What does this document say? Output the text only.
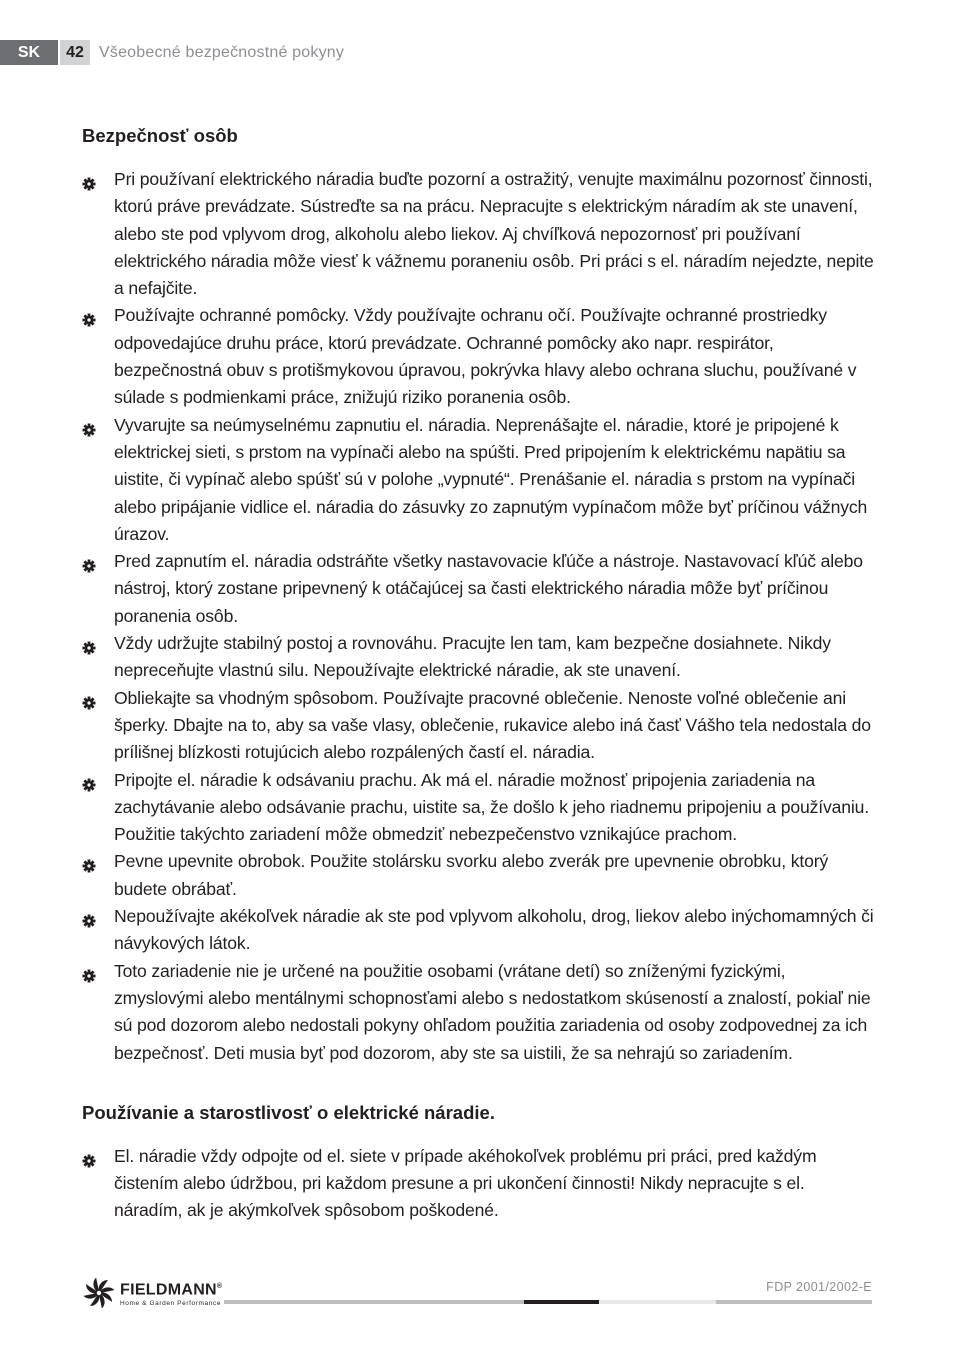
SK	42 Všeobecné bezpečnostné pokyny
Bezpečnosť osôb
Pri používaní elektrického náradia buďte pozorní a ostražitý, venujte maximálnu pozornosť činnosti, ktorú práve prevádzate. Sústreďte sa na prácu. Nepracujte s elektrickým náradím ak ste unavení, alebo ste pod vplyvom drog, alkoholu alebo liekov. Aj chvíľková nepozornosť pri používaní elektrického náradia môže viesť k vážnemu poraneniu osôb. Pri práci s el. náradím nejedzte, nepite a nefajčite.
Používajte ochranné pomôcky. Vždy používajte ochranu očí. Používajte ochranné prostriedky odpovedajúce druhu práce, ktorú prevádzate. Ochranné pomôcky ako napr. respirátor, bezpečnostná obuv s protišmykovou úpravou, pokrývka hlavy alebo ochrana sluchu, používané v súlade s podmienkami práce, znižujú riziko poranenia osôb.
Vyvarujte sa neúmyselnému zapnutiu el. náradia. Neprenášajte el. náradie, ktoré je pripojené k elektrickej sieti, s prstom na vypínači alebo na spúšti. Pred pripojením k elektrickému napätiu sa uistite, či vypínač alebo spúšť sú v polohe „vypnuté“. Prenášanie el. náradia s prstom na vypínači alebo pripájanie vidlice el. náradia do zásuvky zo zapnutým vypínačom môže byť príčinou vážnych úrazov.
Pred zapnutím el. náradia odstráňte všetky nastavovacie kľúče a nástroje. Nastavovací kľúč alebo nástroj, ktorý zostane pripevnený k otáčajúcej sa časti elektrického náradia môže byť príčinou poranenia osôb.
Vždy udržujte stabilný postoj a rovnováhu. Pracujte len tam, kam bezpečne dosiahnete. Nikdy nepreceňujte vlastnú silu. Nepoužívajte elektrické náradie, ak ste unavení.
Obliekajte sa vhodným spôsobom. Používajte pracovné oblečenie. Nenoste voľné oblečenie ani šperky. Dbajte na to, aby sa vaše vlasy, oblečenie, rukavice alebo iná časť Vášho tela nedostala do prílišnej blízkosti rotujúcich alebo rozpálených častí el. náradia.
Pripojte el. náradie k odsávaniu prachu. Ak má el. náradie možnosť pripojenia zariadenia na zachytávanie alebo odsávanie prachu, uistite sa, že došlo k jeho riadnemu pripojeniu a používaniu. Použitie takýchto zariadení môže obmedziť nebezpečenstvo vznikajúce prachom.
Pevne upevnite obrobok. Použite stolársku svorku alebo zverák pre upevnenie obrobku, ktorý budete obrábať.
Nepoužívajte akékoľvek náradie ak ste pod vplyvom alkoholu, drog, liekov alebo inýchomamných či návykových látok.
Toto zariadenie nie je určené na použitie osobami (vrátane detí) so zníženými fyzickými, zmyslovými alebo mentálnymi schopnosťami alebo s nedostatkom skúseností a znalostí, pokiaľ nie sú pod dozorom alebo nedostali pokyny ohľadom použitia zariadenia od osoby zodpovednej za ich bezpečnosť. Deti musia byť pod dozorom, aby ste sa uistili, že sa nehrajú so zariadením.
Používanie a starostlivosť o elektrické náradie.
El. náradie vždy odpojte od el. siete v prípade akéhokoľvek problému pri práci, pred každým čistením alebo údržbou, pri každom presune a pri ukončení činnosti! Nikdy nepracujte s el. náradím, ak je akýmkoľvek spôsobom poškodené.
FIELDMANN®
Home & Garden Performance
FDP 2001/2002-E
